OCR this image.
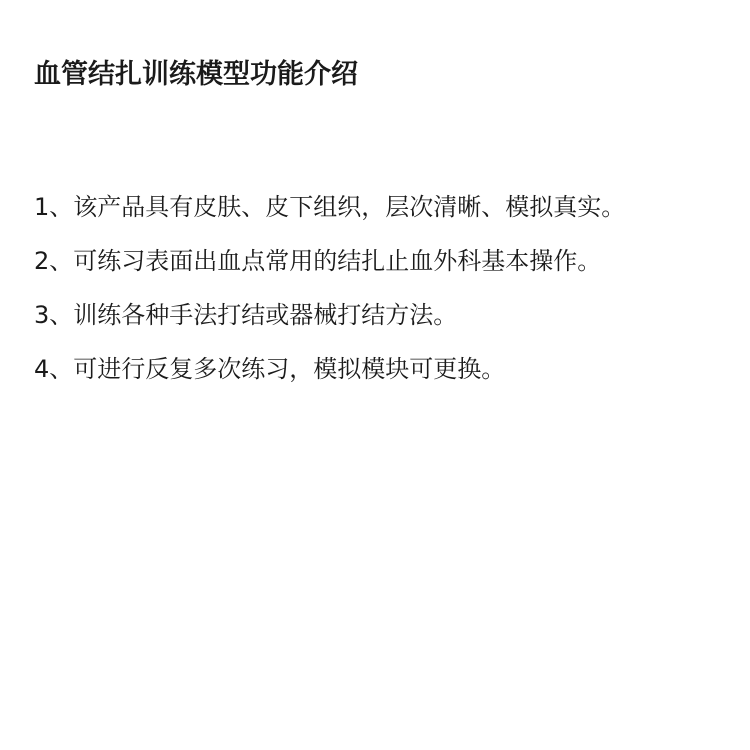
血管结扎训练模型功能介绍
1、该产品具有皮肤、皮下组织，层次清晰、模拟真实。
2、可练习表面出血点常用的结扎止血外科基本操作。
3、训练各种手法打结或器械打结方法。
4、可进行反复多次练习，模拟模块可更换。
